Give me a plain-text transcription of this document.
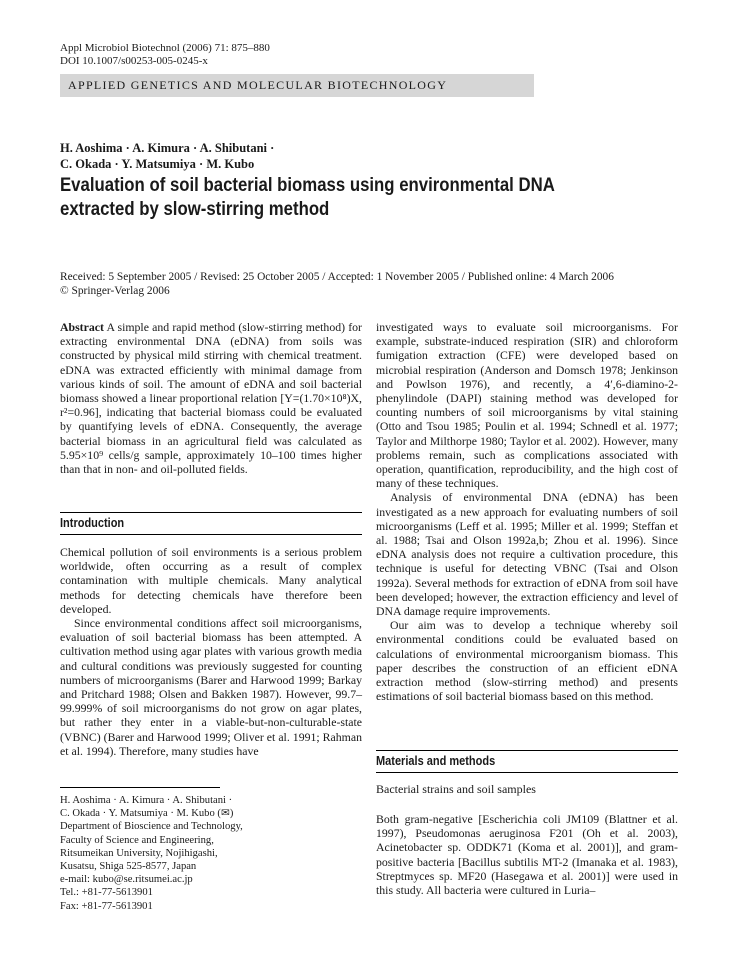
Appl Microbiol Biotechnol (2006) 71: 875–880
DOI 10.1007/s00253-005-0245-x
APPLIED GENETICS AND MOLECULAR BIOTECHNOLOGY
H. Aoshima · A. Kimura · A. Shibutani ·
C. Okada · Y. Matsumiya · M. Kubo
Evaluation of soil bacterial biomass using environmental DNA
extracted by slow-stirring method
Received: 5 September 2005 / Revised: 25 October 2005 / Accepted: 1 November 2005 / Published online: 4 March 2006
© Springer-Verlag 2006

Abstract A simple and rapid method (slow-stirring method) for extracting environmental DNA (eDNA) from soils was constructed by physical mild stirring with chemical treatment. eDNA was extracted efficiently with minimal damage from various kinds of soil. The amount of eDNA and soil bacterial biomass showed a linear proportional relation [Y=(1.70×10⁸)X, r²=0.96], indicating that bacterial biomass could be evaluated by quantifying levels of eDNA. Consequently, the average bacterial biomass in an agricultural field was calculated as 5.95×10⁹ cells/g sample, approximately 10–100 times higher than that in non- and oil-polluted fields.

Introduction

Chemical pollution of soil environments is a serious problem worldwide, often occurring as a result of complex contamination with multiple chemicals. Many analytical methods for detecting chemicals have therefore been developed.

Since environmental conditions affect soil microorganisms, evaluation of soil bacterial biomass has been attempted. A cultivation method using agar plates with various growth media and cultural conditions was previously suggested for counting numbers of microorganisms (Barer and Harwood 1999; Barkay and Pritchard 1988; Olsen and Bakken 1987). However, 99.7–99.999% of soil microorganisms do not grow on agar plates, but rather they enter in a viable-but-non-culturable-state (VBNC) (Barer and Harwood 1999; Oliver et al. 1991; Rahman et al. 1994). Therefore, many studies have

H. Aoshima · A. Kimura · A. Shibutani ·
C. Okada · Y. Matsumiya · M. Kubo (✉)
Department of Bioscience and Technology,
Faculty of Science and Engineering,
Ritsumeikan University, Nojihigashi,
Kusatsu, Shiga 525-8577, Japan
e-mail: kubo@se.ritsumei.ac.jp
Tel.: +81-77-5613901
Fax: +81-77-5613901

investigated ways to evaluate soil microorganisms. For example, substrate-induced respiration (SIR) and chloroform fumigation extraction (CFE) were developed based on microbial respiration (Anderson and Domsch 1978; Jenkinson and Powlson 1976), and recently, a 4′,6-diamino-2-phenylindole (DAPI) staining method was developed for counting numbers of soil microorganisms by vital staining (Otto and Tsou 1985; Poulin et al. 1994; Schnedl et al. 1977; Taylor and Milthorpe 1980; Taylor et al. 2002). However, many problems remain, such as complications associated with operation, quantification, reproducibility, and the high cost of many of these techniques.

Analysis of environmental DNA (eDNA) has been investigated as a new approach for evaluating numbers of soil microorganisms (Leff et al. 1995; Miller et al. 1999; Steffan et al. 1988; Tsai and Olson 1992a,b; Zhou et al. 1996). Since eDNA analysis does not require a cultivation procedure, this technique is useful for detecting VBNC (Tsai and Olson 1992a). Several methods for extraction of eDNA from soil have been developed; however, the extraction efficiency and level of DNA damage require improvements.

Our aim was to develop a technique whereby soil environmental conditions could be evaluated based on calculations of environmental microorganism biomass. This paper describes the construction of an efficient eDNA extraction method (slow-stirring method) and presents estimations of soil bacterial biomass based on this method.

Materials and methods
Bacterial strains and soil samples

Both gram-negative [Escherichia coli JM109 (Blattner et al. 1997), Pseudomonas aeruginosa F201 (Oh et al. 2003), Acinetobacter sp. ODDK71 (Koma et al. 2001)], and gram-positive bacteria [Bacillus subtilis MT-2 (Imanaka et al. 1983), Streptmyces sp. MF20 (Hasegawa et al. 2001)] were used in this study. All bacteria were cultured in Luria–
